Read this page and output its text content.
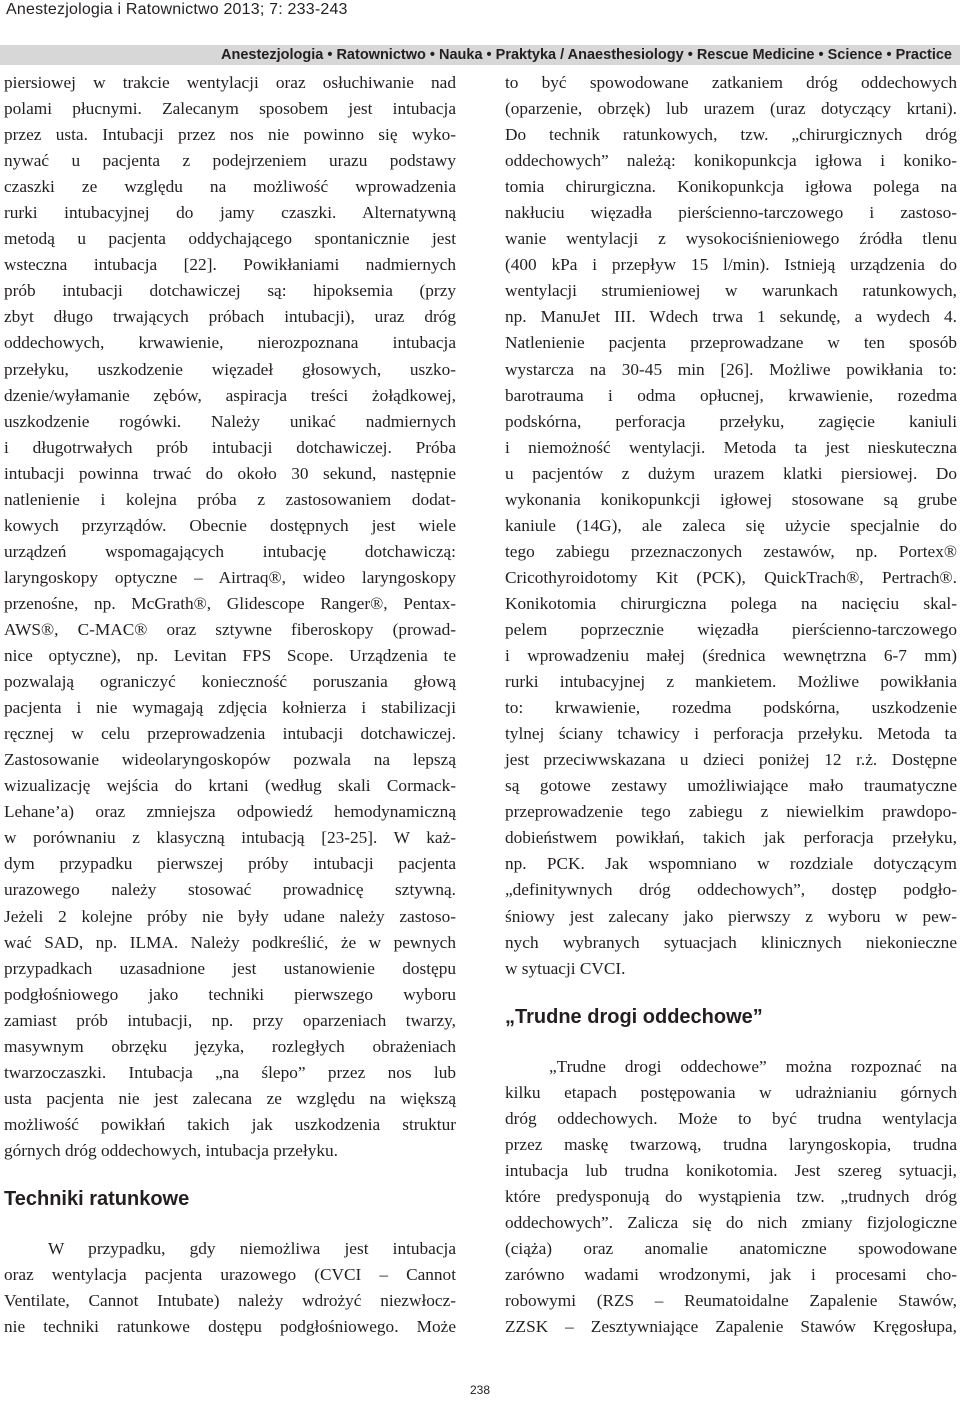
Anestezjologia i Ratownictwo 2013; 7: 233-243
Anestezjologia • Ratownictwo • Nauka • Praktyka / Anaesthesiology • Rescue Medicine • Science • Practice
piersiowej w trakcie wentylacji oraz osłuchiwanie nad
polami płucnymi. Zalecanym sposobem jest intubacja
przez usta. Intubacji przez nos nie powinno się wyko-
nywać u pacjenta z podejrzeniem urazu podstawy
czaszki ze względu na możliwość wprowadzenia
rurki intubacyjnej do jamy czaszki. Alternatywną
metodą u pacjenta oddychającego spontanicznie jest
wsteczna intubacja [22]. Powikłaniami nadmiernych
prób intubacji dotchawiczej są: hipoksemia (przy
zbyt długo trwających próbach intubacji), uraz dróg
oddechowych, krwawienie, nierozpoznana intubacja
przełyku, uszkodzenie więzadeł głosowych, uszko-
dzenie/wyłamanie zębów, aspiracja treści żołądkowej,
uszkodzenie rogówki. Należy unikać nadmiernych
i długotrwałych prób intubacji dotchawiczej. Próba
intubacji powinna trwać do około 30 sekund, następnie
natlenienie i kolejna próba z zastosowaniem dodat-
kowych przyrządów. Obecnie dostępnych jest wiele
urządzeń wspomagających intubację dotchawiczą:
laryngoskopy optyczne – Airtraq®, wideo laryngoskopy
przenośne, np. McGrath®, Glidescope Ranger®, Pentax-
AWS®, C-MAC® oraz sztywne fiberoskopy (prowad-
nice optyczne), np. Levitan FPS Scope. Urządzenia te
pozwalają ograniczyć konieczność poruszania głową
pacjenta i nie wymagają zdjęcia kołnierza i stabilizacji
ręcznej w celu przeprowadzenia intubacji dotchawiczej.
Zastosowanie wideolaryngoskopów pozwala na lepszą
wizualizację wejścia do krtani (według skali Cormack-
Lehane’a) oraz zmniejsza odpowiedź hemodynamiczną
w porównaniu z klasyczną intubacją [23-25]. W każ-
dym przypadku pierwszej próby intubacji pacjenta
urazowego należy stosować prowadnicę sztywną.
Jeżeli 2 kolejne próby nie były udane należy zastoso-
wać SAD, np. ILMA. Należy podkreślić, że w pewnych
przypadkach uzasadnione jest ustanowienie dostępu
podgłośniowego jako techniki pierwszego wyboru
zamiast prób intubacji, np. przy oparzeniach twarzy,
masywnym obrzęku języka, rozległych obrażeniach
twarzoczaszki. Intubacja „na ślepo” przez nos lub
usta pacjenta nie jest zalecana ze względu na większą
możliwość powikłań takich jak uszkodzenia struktur
górnych dróg oddechowych, intubacja przełyku.
Techniki ratunkowe
W przypadku, gdy niemożliwa jest intubacja
oraz wentylacja pacjenta urazowego (CVCI – Cannot
Ventilate, Cannot Intubate) należy wdrożyć niezwłocz-
nie techniki ratunkowe dostępu podgłośniowego. Może
to być spowodowane zatkaniem dróg oddechowych
(oparzenie, obrzęk) lub urazem (uraz dotyczący krtani).
Do technik ratunkowych, tzw. „chirurgicznych dróg
oddechowych” należą: konikopunkcja igłowa i koniko-
tomia chirurgiczna. Konikopunkcja igłowa polega na
nakłuciu więzadła pierścienno-tarczowego i zastoso-
wanie wentylacji z wysokociśnieniowego źródła tlenu
(400 kPa i przepływ 15 l/min). Istnieją urządzenia do
wentylacji strumieniowej w warunkach ratunkowych,
np. ManuJet III. Wdech trwa 1 sekundę, a wydech 4.
Natlenienie pacjenta przeprowadzane w ten sposób
wystarcza na 30-45 min [26]. Możliwe powikłania to:
barotrauma i odma opłucnej, krwawienie, rozedma
podskórna, perforacja przełyku, zagięcie kaniuli
i niemożność wentylacji. Metoda ta jest nieskuteczna
u pacjentów z dużym urazem klatki piersiowej. Do
wykonania konikopunkcji igłowej stosowane są grube
kaniule (14G), ale zaleca się użycie specjalnie do
tego zabiegu przeznaczonych zestawów, np. Portex®
Cricothyroidotomy Kit (PCK), QuickTrach®, Pertrach®.
Konikotomia chirurgiczna polega na nacięciu skal-
pelem poprzecznie więzadła pierścienno-tarczowego
i wprowadzeniu małej (średnica wewnętrzna 6-7 mm)
rurki intubacyjnej z mankietem. Możliwe powikłania
to: krwawienie, rozedma podskórna, uszkodzenie
tylnej ściany tchawicy i perforacja przełyku. Metoda ta
jest przeciwwskazana u dzieci poniżej 12 r.ż. Dostępne
są gotowe zestawy umożliwiające mało traumatyczne
przeprowadzenie tego zabiegu z niewielkim prawdopo-
dobieństwem powikłań, takich jak perforacja przełyku,
np. PCK. Jak wspomniano w rozdziale dotyczącym
„definitywnych dróg oddechowych”, dostęp podgło-
śniowy jest zalecany jako pierwszy z wyboru w pew-
nych wybranych sytuacjach klinicznych niekonieczne
w sytuacji CVCI.
„Trudne drogi oddechowe”
„Trudne drogi oddechowe” można rozpoznać na
kilku etapach postępowania w udrażnianiu górnych
dróg oddechowych. Może to być trudna wentylacja
przez maskę twarzową, trudna laryngoskopia, trudna
intubacja lub trudna konikotomia. Jest szereg sytuacji,
które predysponują do wystąpienia tzw. „trudnych dróg
oddechowych”. Zalicza się do nich zmiany fizjologiczne
(ciąża) oraz anomalie anatomiczne spowodowane
zarówno wadami wrodzonymi, jak i procesami cho-
robowymi (RZS – Reumatoidalne Zapalenie Stawów,
ZZSK – Zesztywniające Zapalenie Stawów Kręgosłupa,
238
